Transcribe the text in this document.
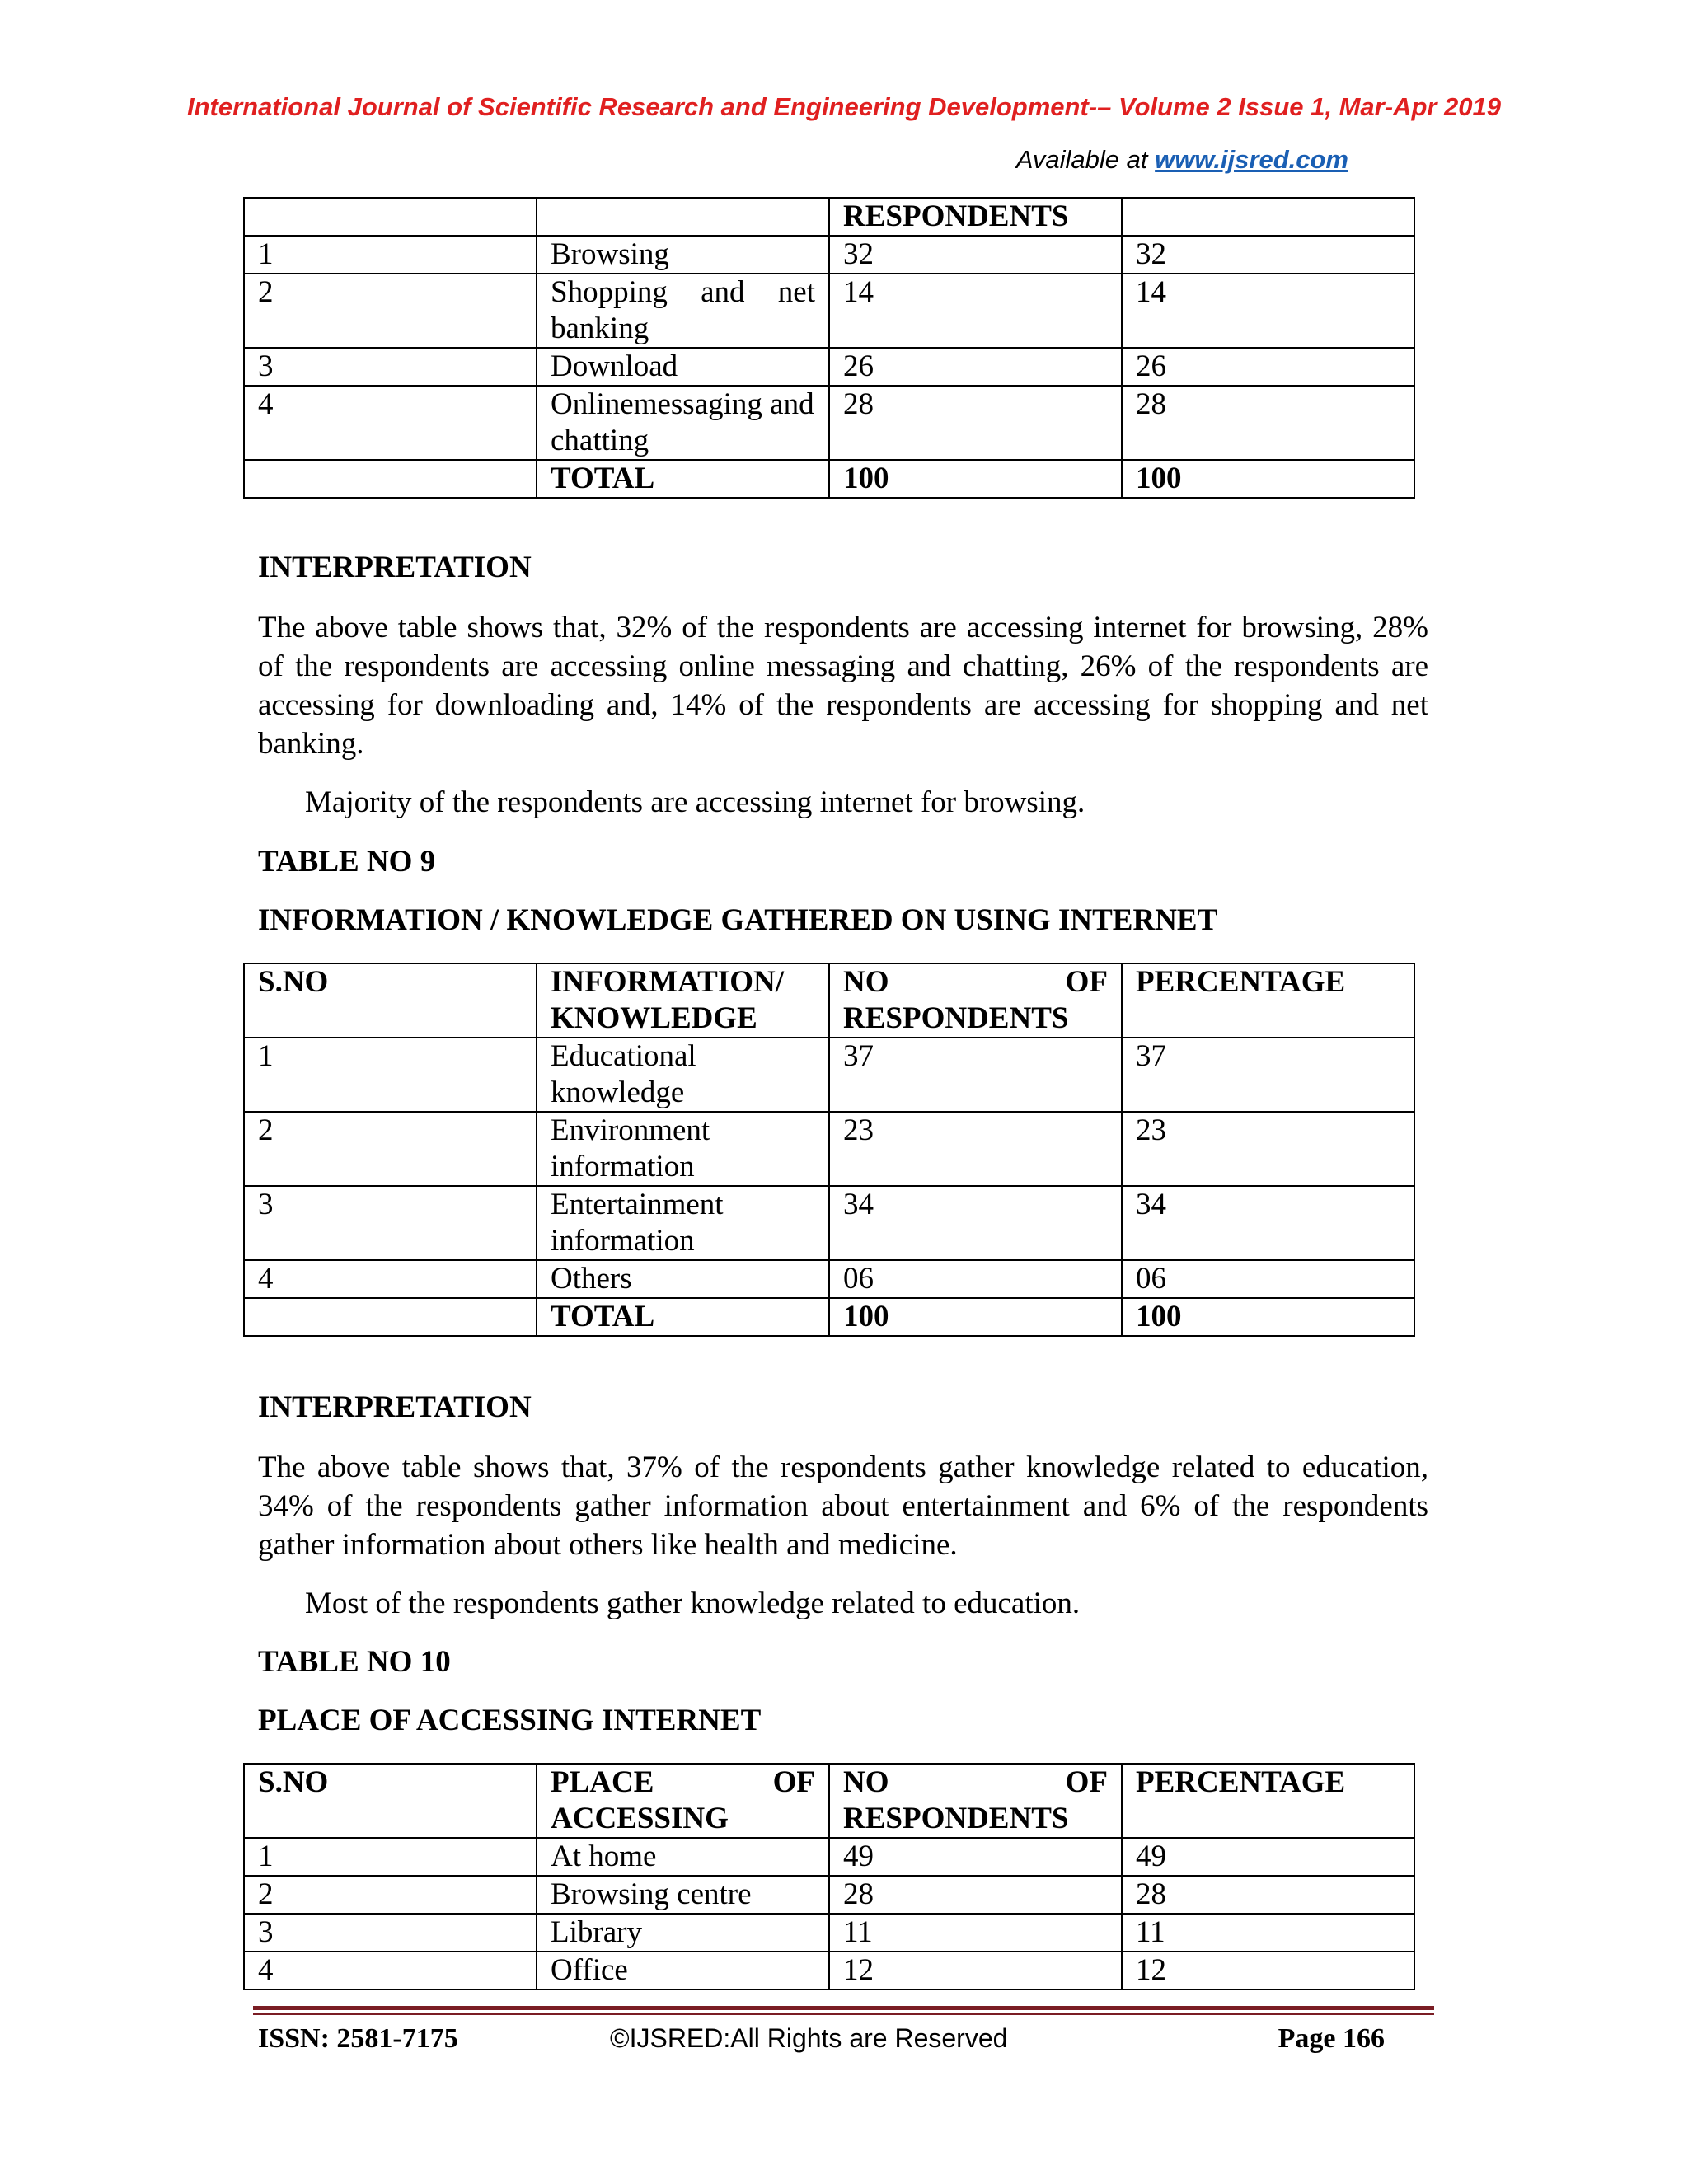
International Journal of Scientific Research and Engineering Development-– Volume 2 Issue 1, Mar-Apr 2019
Available at www.ijsred.com
		RESPONDENTS	
1	Browsing	32	32
2	Shopping and net banking	14	14
3	Download	26	26
4	Onlinemessaging and chatting	28	28
	TOTAL	100	100
INTERPRETATION
The above table shows that, 32% of the respondents are accessing internet for browsing, 28% of the respondents are accessing online messaging and chatting, 26% of the respondents are accessing for downloading and, 14% of the respondents are accessing for shopping and net banking.
Majority of the respondents are accessing internet for browsing.
TABLE NO 9
INFORMATION / KNOWLEDGE GATHERED ON USING INTERNET
S.NO	INFORMATION/ KNOWLEDGE	NO OF RESPONDENTS	PERCENTAGE
1	Educational knowledge	37	37
2	Environment information	23	23
3	Entertainment information	34	34
4	Others	06	06
	TOTAL	100	100
INTERPRETATION
The above table shows that, 37% of the respondents gather knowledge related to education, 34% of the respondents gather information about entertainment and 6% of the respondents gather information about others like health and medicine.
Most of the respondents gather knowledge related to education.
TABLE NO 10
PLACE OF ACCESSING INTERNET
S.NO	PLACE OF ACCESSING	NO OF RESPONDENTS	PERCENTAGE
1	At home	49	49
2	Browsing centre	28	28
3	Library	11	11
4	Office	12	12
ISSN: 2581-7175	©IJSRED:All Rights are Reserved	Page 166
